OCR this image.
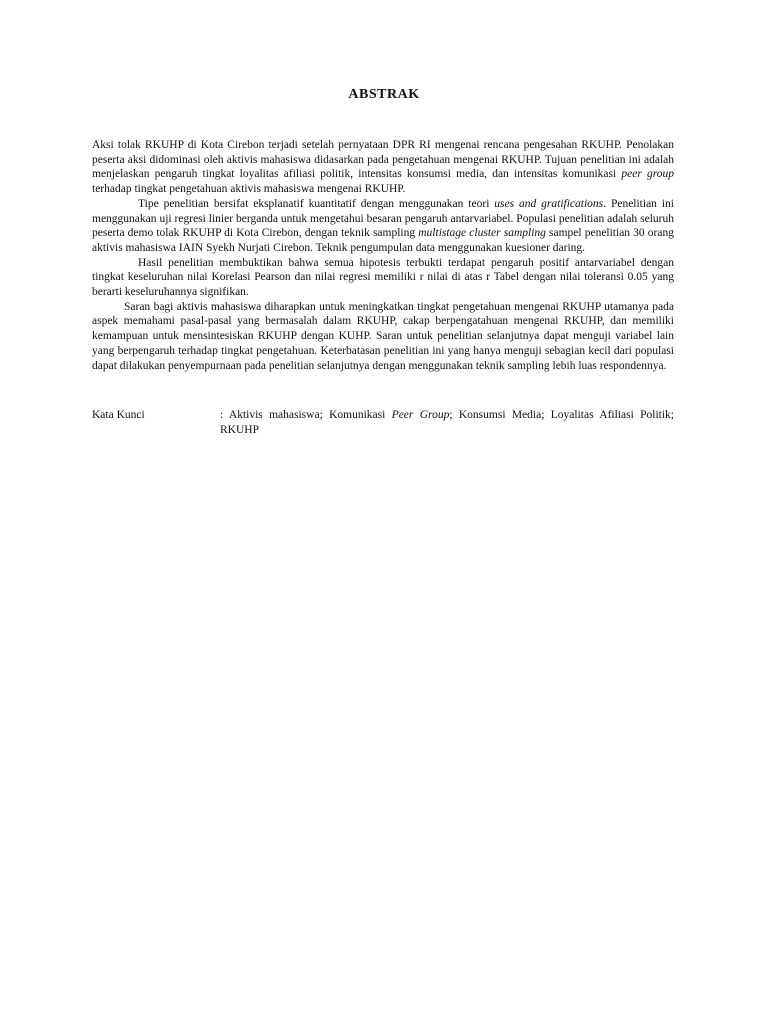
ABSTRAK

Aksi tolak RKUHP di Kota Cirebon terjadi setelah pernyataan DPR RI mengenai rencana pengesahan RKUHP. Penolakan peserta aksi didominasi oleh aktivis mahasiswa didasarkan pada pengetahuan mengenai RKUHP. Tujuan penelitian ini adalah menjelaskan pengaruh tingkat loyalitas afiliasi politik, intensitas konsumsi media, dan intensitas komunikasi peer group terhadap tingkat pengetahuan aktivis mahasiswa mengenai RKUHP.

Tipe penelitian bersifat eksplanatif kuantitatif dengan menggunakan teori uses and gratifications. Penelitian ini menggunakan uji regresi linier berganda untuk mengetahui besaran pengaruh antarvariabel. Populasi penelitian adalah seluruh peserta demo tolak RKUHP di Kota Cirebon, dengan teknik sampling multistage cluster sampling sampel penelitian 30 orang aktivis mahasiswa IAIN Syekh Nurjati Cirebon. Teknik pengumpulan data menggunakan kuesioner daring.

Hasil penelitian membuktikan bahwa semua hipotesis terbukti terdapat pengaruh positif antarvariabel dengan tingkat keseluruhan nilai Korelasi Pearson dan nilai regresi memiliki r nilai di atas r Tabel dengan nilai toleransi 0.05 yang berarti keseluruhannya signifikan.

Saran bagi aktivis mahasiswa diharapkan untuk meningkatkan tingkat pengetahuan mengenai RKUHP utamanya pada aspek memahami pasal-pasal yang bermasalah dalam RKUHP, cakap berpengatahuan mengenai RKUHP, dan memiliki kemampuan untuk mensintesiskan RKUHP dengan KUHP. Saran untuk penelitian selanjutnya dapat menguji variabel lain yang berpengaruh terhadap tingkat pengetahuan. Keterbatasan penelitian ini yang hanya menguji sebagian kecil dari populasi dapat dilakukan penyempurnaan pada penelitian selanjutnya dengan menggunakan teknik sampling lebih luas respondennya.

Kata Kunci	: Aktivis mahasiswa; Komunikasi Peer Group; Konsumsi Media; Loyalitas Afiliasi Politik; RKUHP
